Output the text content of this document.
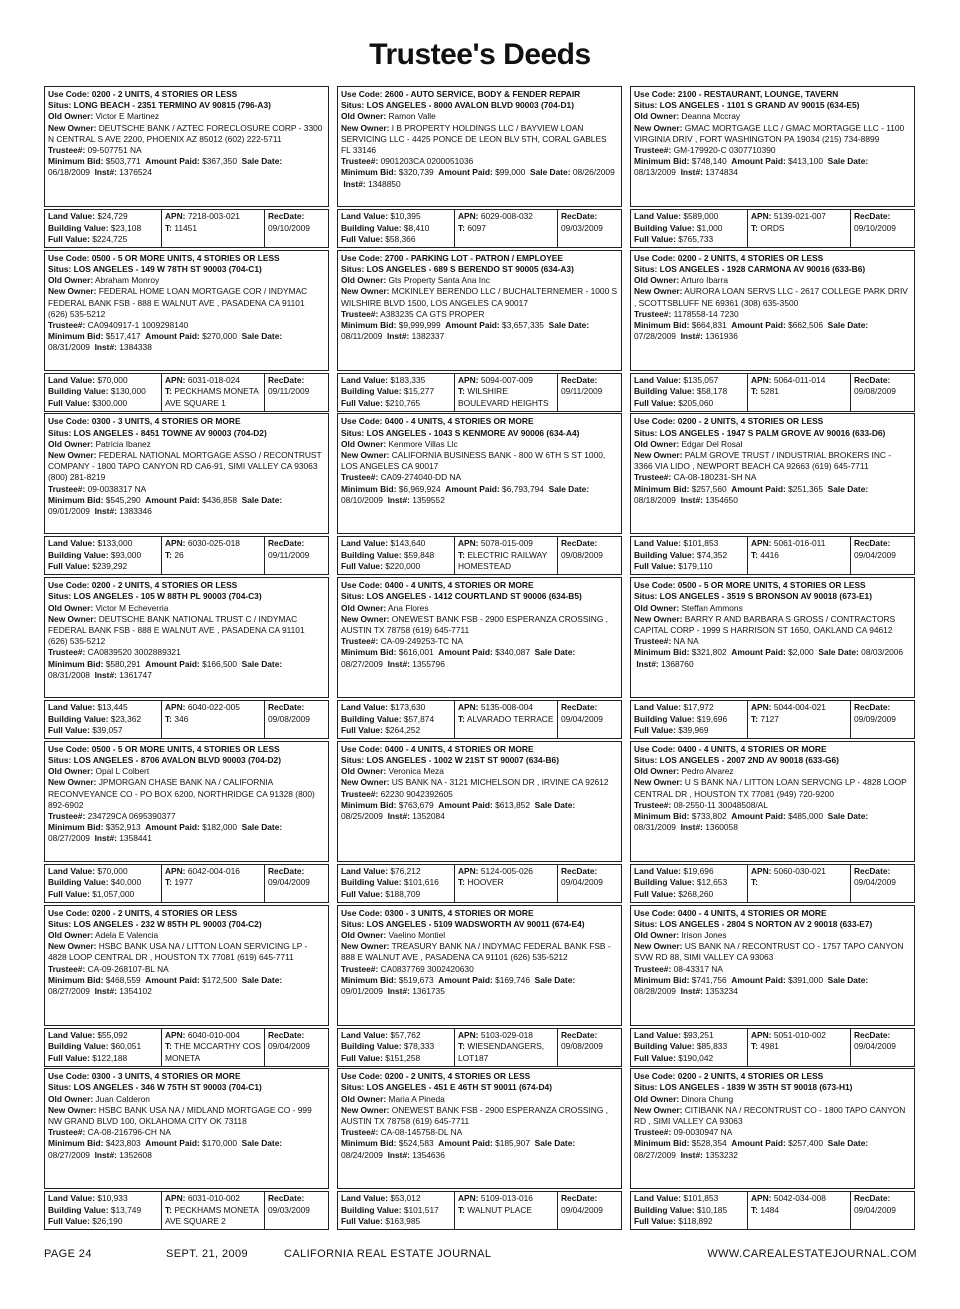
Trustee's Deeds
Use Code: 0200 - 2 UNITS, 4 STORIES OR LESS
Situs: LONG BEACH - 2351 TERMINO AV 90815 (796-A3)
Old Owner: Victor E Martinez
New Owner: DEUTSCHE BANK / AZTEC FORECLOSURE CORP - 3300 N CENTRAL S AVE 2200, PHOENIX AZ 85012 (602) 222-5711
Trustee#: 09-507751 NA
Minimum Bid: $503,771 Amount Paid: $367,350 Sale Date: 06/18/2009 Inst#: 1376524
Land Value: $24,729
Building Value: $23,108
Full Value: $224,725
APN: 7218-003-021
T: 11451
RecDate:
09/10/2009
Use Code: 0500 - 5 OR MORE UNITS, 4 STORIES OR LESS
Situs: LOS ANGELES - 149 W 78TH ST 90003 (704-C1)
Old Owner: Abraham Monroy
New Owner: FEDERAL HOME LOAN MORTGAGE COR / INDYMAC FEDERAL BANK FSB - 888 E WALNUT AVE , PASADENA CA 91101 (626) 535-5212
Trustee#: CA0940917-1 1009298140
Minimum Bid: $517,417 Amount Paid: $270,000 Sale Date: 08/31/2009 Inst#: 1384338
Land Value: $70,000
Building Value: $130,000
Full Value: $300,000
APN: 6031-018-024
T: PECKHAMS MONETA AVE SQUARE 1
RecDate:
09/11/2009
Use Code: 0300 - 3 UNITS, 4 STORIES OR MORE
Situs: LOS ANGELES - 8451 TOWNE AV 90003 (704-D2)
Old Owner: Patricia Ibanez
New Owner: FEDERAL NATIONAL MORTGAGE ASSO / RECONTRUST COMPANY - 1800 TAPO CANYON RD CA6-91, SIMI VALLEY CA 93063 (800) 281-8219
Trustee#: 09-0038317 NA
Minimum Bid: $545,290 Amount Paid: $436,858 Sale Date: 09/01/2009 Inst#: 1383346
Land Value: $133,000
Building Value: $93,000
Full Value: $239,292
APN: 6030-025-018
T: 26
RecDate:
09/11/2009
Use Code: 0200 - 2 UNITS, 4 STORIES OR LESS
Situs: LOS ANGELES - 105 W 88TH PL 90003 (704-C3)
Old Owner: Victor M Echeverria
New Owner: DEUTSCHE BANK NATIONAL TRUST C / INDYMAC FEDERAL BANK FSB - 888 E WALNUT AVE , PASADENA CA 91101 (626) 535-5212
Trustee#: CA0839520 3002889321
Minimum Bid: $580,291 Amount Paid: $166,500 Sale Date: 08/31/2008 Inst#: 1361747
Land Value: $13,445
Building Value: $23,362
Full Value: $39,057
APN: 6040-022-005
T: 346
RecDate:
09/08/2009
Use Code: 0500 - 5 OR MORE UNITS, 4 STORIES OR LESS
Situs: LOS ANGELES - 8706 AVALON BLVD 90003 (704-D2)
Old Owner: Opal L Colbert
New Owner: JPMORGAN CHASE BANK NA / CALIFORNIA RECONVEYANCE CO - PO BOX 6200, NORTHRIDGE CA 91328 (800) 892-6902
Trustee#: 234729CA 0695390377
Minimum Bid: $352,913 Amount Paid: $182,000 Sale Date: 08/27/2009 Inst#: 1358441
Land Value: $70,000
Building Value: $40,000
Full Value: $1,057,000
APN: 6042-004-016
T: 1977
RecDate:
09/04/2009
Use Code: 0200 - 2 UNITS, 4 STORIES OR LESS
Situs: LOS ANGELES - 232 W 85TH PL 90003 (704-C2)
Old Owner: Adela E Valencia
New Owner: HSBC BANK USA NA / LITTON LOAN SERVICING LP - 4828 LOOP CENTRAL DR , HOUSTON TX 77081 (619) 645-7711
Trustee#: CA-09-268107-BL NA
Minimum Bid: $468,559 Amount Paid: $172,500 Sale Date: 08/27/2009 Inst#: 1354102
Land Value: $55,092
Building Value: $60,051
Full Value: $122,188
APN: 6040-010-004
T: THE MCCARTHY COS MONETA
RecDate:
09/04/2009
Use Code: 0300 - 3 UNITS, 4 STORIES OR MORE
Situs: LOS ANGELES - 346 W 75TH ST 90003 (704-C1)
Old Owner: Juan Calderon
New Owner: HSBC BANK USA NA / MIDLAND MORTGAGE CO - 999 NW GRAND BLVD 100, OKLAHOMA CITY OK 73118
Trustee#: CA-08-216796-CH NA
Minimum Bid: $423,803 Amount Paid: $170,000 Sale Date: 08/27/2009 Inst#: 1352608
Land Value: $10,933
Building Value: $13,749
Full Value: $26,190
APN: 6031-010-002
T: PECKHAMS MONETA AVE SQUARE 2
RecDate:
09/03/2009
Use Code: 2600 - AUTO SERVICE, BODY & FENDER REPAIR
Situs: LOS ANGELES - 8000 AVALON BLVD 90003 (704-D1)
Old Owner: Ramon Valle
New Owner: I B PROPERTY HOLDINGS LLC / BAYVIEW LOAN SERVICING LLC - 4425 PONCE DE LEON BLV 5TH, CORAL GABLES FL 33146
Trustee#: 0901203CA 0200051036
Minimum Bid: $320,739 Amount Paid: $99,000 Sale Date: 08/26/2009  Inst#: 1348850
Land Value: $10,395
Building Value: $8,410
Full Value: $58,366
APN: 6029-008-032
T: 6097
RecDate:
09/03/2009
Use Code: 2700 - PARKING LOT - PATRON / EMPLOYEE
Situs: LOS ANGELES - 689 S BERENDO ST 90005 (634-A3)
Old Owner: Gts Property Santa Ana Inc
New Owner: MCKINLEY BERENDO LLC / BUCHALTERNEMER - 1000 S WILSHIRE BLVD 1500, LOS ANGELES CA 90017
Trustee#: A383235 CA GTS PROPER
Minimum Bid: $9,999,999 Amount Paid: $3,657,335 Sale Date: 08/11/2009 Inst#: 1382337
Land Value: $183,335
Building Value: $15,277
Full Value: $210,765
APN: 5094-007-009
T: WILSHIRE BOULEVARD HEIGHTS
RecDate:
09/11/2009
Use Code: 0400 - 4 UNITS, 4 STORIES OR MORE
Situs: LOS ANGELES - 1043 S KENMORE AV 90006 (634-A4)
Old Owner: Kenmore Villas Llc
New Owner: CALIFORNIA BUSINESS BANK - 800 W 6TH S ST 1000, LOS ANGELES CA 90017
Trustee#: CA09-274040-DD NA
Minimum Bid: $6,969,924 Amount Paid: $6,793,794 Sale Date: 08/10/2009 Inst#: 1359552
Land Value: $143,640
Building Value: $59,848
Full Value: $220,000
APN: 5078-015-009
T: ELECTRIC RAILWAY HOMESTEAD
RecDate:
09/08/2009
Use Code: 0400 - 4 UNITS, 4 STORIES OR MORE
Situs: LOS ANGELES - 1412 COURTLAND ST 90006 (634-B5)
Old Owner: Ana Flores
New Owner: ONEWEST BANK FSB - 2900 ESPERANZA CROSSING , AUSTIN TX 78758 (619) 645-7711
Trustee#: CA-09-249253-TC NA
Minimum Bid: $616,001 Amount Paid: $340,087 Sale Date: 08/27/2009 Inst#: 1355796
Land Value: $173,630
Building Value: $57,874
Full Value: $264,252
APN: 5135-008-004
T: ALVARADO TERRACE
RecDate:
09/04/2009
Use Code: 0400 - 4 UNITS, 4 STORIES OR MORE
Situs: LOS ANGELES - 1002 W 21ST ST 90007 (634-B6)
Old Owner: Veronica Meza
New Owner: US BANK NA - 3121 MICHELSON DR , IRVINE CA 92612
Trustee#: 62230 9042392605
Minimum Bid: $763,679 Amount Paid: $613,852 Sale Date: 08/25/2009 Inst#: 1352084
Land Value: $76,212
Building Value: $101,616
Full Value: $188,709
APN: 5124-005-026
T: HOOVER
RecDate:
09/04/2009
Use Code: 0300 - 3 UNITS, 4 STORIES OR MORE
Situs: LOS ANGELES - 5109 WADSWORTH AV 90011 (674-E4)
Old Owner: Vaelino Montiel
New Owner: TREASURY BANK NA / INDYMAC FEDERAL BANK FSB - 888 E WALNUT AVE , PASADENA CA 91101 (626) 535-5212
Trustee#: CA0837769 3002420630
Minimum Bid: $519,673 Amount Paid: $169,746 Sale Date: 09/01/2009 Inst#: 1361735
Land Value: $57,762
Building Value: $78,333
Full Value: $151,258
APN: 5103-029-018
T: WIESENDANGERS, LOT187
RecDate:
09/08/2009
Use Code: 0200 - 2 UNITS, 4 STORIES OR LESS
Situs: LOS ANGELES - 451 E 46TH ST 90011 (674-D4)
Old Owner: Maria A Pineda
New Owner: ONEWEST BANK FSB - 2900 ESPERANZA CROSSING , AUSTIN TX 78758 (619) 645-7711
Trustee#: CA-08-145758-DL NA
Minimum Bid: $524,583 Amount Paid: $185,907 Sale Date: 08/24/2009 Inst#: 1354636
Land Value: $53,012
Building Value: $101,517
Full Value: $163,985
APN: 5109-013-016
T: WALNUT PLACE
RecDate:
09/04/2009
Use Code: 2100 - RESTAURANT, LOUNGE, TAVERN
Situs: LOS ANGELES - 1101 S GRAND AV 90015 (634-E5)
Old Owner: Deanna Mccray
New Owner: GMAC MORTGAGE LLC / GMAC MORTAGGE LLC - 1100 VIRGINIA DRIV , FORT WASHINGTON PA 19034 (215) 734-8899
Trustee#: GM-179920-C 0307710390
Minimum Bid: $748,140 Amount Paid: $413,100 Sale Date: 08/13/2009 Inst#: 1374834
Land Value: $589,000
Building Value: $1,000
Full Value: $765,733
APN: 5139-021-007
T: ORDS
RecDate:
09/10/2009
Use Code: 0200 - 2 UNITS, 4 STORIES OR LESS
Situs: LOS ANGELES - 1928 CARMONA AV 90016 (633-B6)
Old Owner: Arturo Ibarra
New Owner: AURORA LOAN SERVS LLC - 2617 COLLEGE PARK DRIV , SCOTTSBLUFF NE 69361 (308) 635-3500
Trustee#: 1178558-14 7230
Minimum Bid: $664,831 Amount Paid: $662,506 Sale Date: 07/28/2009 Inst#: 1361936
Land Value: $135,057
Building Value: $58,178
Full Value: $205,060
APN: 5064-011-014
T: 5281
RecDate:
09/08/2009
Use Code: 0200 - 2 UNITS, 4 STORIES OR LESS
Situs: LOS ANGELES - 1947 S PALM GROVE AV 90016 (633-D6)
Old Owner: Edgar Del Rosal
New Owner: PALM GROVE TRUST / INDUSTRIAL BROKERS INC - 3366 VIA LIDO , NEWPORT BEACH CA 92663 (619) 645-7711
Trustee#: CA-08-180231-SH NA
Minimum Bid: $257,560 Amount Paid: $251,365 Sale Date: 08/18/2009 Inst#: 1354650
Land Value: $101,853
Building Value: $74,352
Full Value: $179,110
APN: 5061-016-011
T: 4416
RecDate:
09/04/2009
Use Code: 0500 - 5 OR MORE UNITS, 4 STORIES OR LESS
Situs: LOS ANGELES - 3519 S BRONSON AV 90018 (673-E1)
Old Owner: Steffan Ammons
New Owner: BARRY R AND BARBARA S GROSS / CONTRACTORS CAPITAL CORP - 1999 S HARRISON ST 1650, OAKLAND CA 94612
Trustee#: NA NA
Minimum Bid: $321,802 Amount Paid: $2,000 Sale Date: 08/03/2006  Inst#: 1368760
Land Value: $17,972
Building Value: $19,696
Full Value: $39,969
APN: 5044-004-021
T: 7127
RecDate:
09/09/2009
Use Code: 0400 - 4 UNITS, 4 STORIES OR MORE
Situs: LOS ANGELES - 2007 2ND AV 90018 (633-G6)
Old Owner: Pedro Alvarez
New Owner: U S BANK NA / LITTON LOAN SERVCNG LP - 4828 LOOP CENTRAL DR , HOUSTON TX 77081 (949) 720-9200
Trustee#: 08-2550-11 30048508/AL
Minimum Bid: $733,802 Amount Paid: $485,000 Sale Date: 08/31/2009 Inst#: 1360058
Land Value: $19,696
Building Value: $12,653
Full Value: $268,260
APN: 5060-030-021
T:
RecDate:
09/04/2009
Use Code: 0400 - 4 UNITS, 4 STORIES OR MORE
Situs: LOS ANGELES - 2804 S NORTON AV 2 90018 (633-E7)
Old Owner: Irison Jones
New Owner: US BANK NA / RECONTRUST CO - 1757 TAPO CANYON SVW RD 88, SIMI VALLEY CA 93063
Trustee#: 08-43317 NA
Minimum Bid: $741,756 Amount Paid: $391,000 Sale Date: 08/28/2009 Inst#: 1353234
Land Value: $93,251
Building Value: $85,833
Full Value: $190,042
APN: 5051-010-002
T: 4981
RecDate:
09/04/2009
Use Code: 0200 - 2 UNITS, 4 STORIES OR LESS
Situs: LOS ANGELES - 1839 W 35TH ST 90018 (673-H1)
Old Owner: Dinora Chung
New Owner: CITIBANK NA / RECONTRUST CO - 1800 TAPO CANYON RD , SIMI VALLEY CA 93063
Trustee#: 09-0030947 NA
Minimum Bid: $528,354 Amount Paid: $257,400 Sale Date: 08/27/2009 Inst#: 1353232
Land Value: $101,853
Building Value: $10,185
Full Value: $118,892
APN: 5042-034-008
T: 1484
RecDate:
09/04/2009
PAGE 24	SEPT. 21, 2009	CALIFORNIA REAL ESTATE JOURNAL	WWW.CAREALESTATEJOURNAL.COM
